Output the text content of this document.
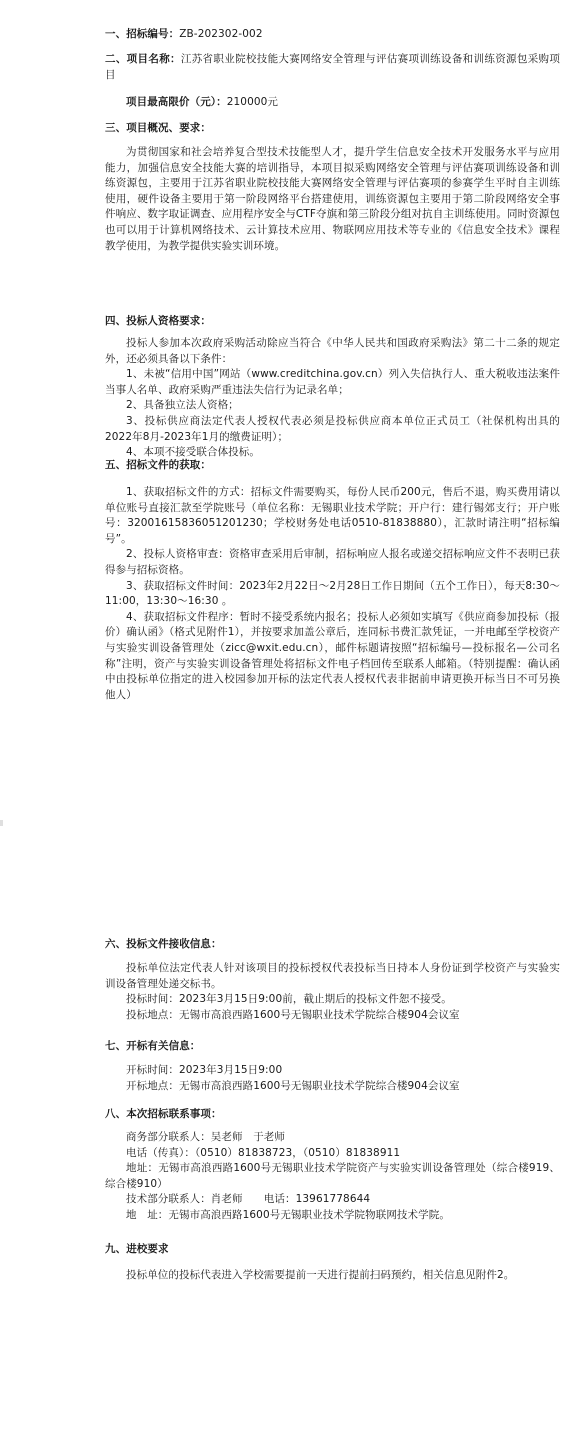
一、招标编号：ZB-202302-002
二、项目名称：江苏省职业院校技能大赛网络安全管理与评估赛项训练设备和训练资源包采购项目
项目最高限价（元）：210000元
三、项目概况、要求：
为贯彻国家和社会培养复合型技术技能型人才，提升学生信息安全技术开发服务水平与应用能力，加强信息安全技能大赛的培训指导，本项目拟采购网络安全管理与评估赛项训练设备和训练资源包，主要用于江苏省职业院校技能大赛网络安全管理与评估赛项的参赛学生平时自主训练使用，硬件设备主要用于第一阶段网络平台搭建使用，训练资源包主要用于第二阶段网络安全事件响应、数字取证调查、应用程序安全与CTF夺旗和第三阶段分组对抗自主训练使用。同时资源包也可以用于计算机网络技术、云计算技术应用、物联网应用技术等专业的《信息安全技术》课程教学使用，为教学提供实验实训环境。
四、投标人资格要求：
投标人参加本次政府采购活动除应当符合《中华人民共和国政府采购法》第二十二条的规定外，还必须具备以下条件：
1、未被“信用中国”网站（www.creditchina.gov.cn）列入失信执行人、重大税收违法案件当事人名单、政府采购严重违法失信行为记录名单；
2、具备独立法人资格；
3、投标供应商法定代表人授权代表必须是投标供应商本单位正式员工（社保机构出具的2022年8月-2023年1月的缴费证明）；
4、本项不接受联合体投标。
五、招标文件的获取：
1、获取招标文件的方式：招标文件需要购买，每份人民币200元，售后不退，购买费用请以单位账号直接汇款至学院账号（单位名称：无锡职业技术学院；开户行：建行锡郊支行；开户账号：32001615836051201230；学校财务处电话0510-81838880），汇款时请注明“招标编号”。
2、投标人资格审查：资格审查采用后审制，招标响应人报名或递交招标响应文件不表明已获得参与招标资格。
3、获取招标文件时间：2023年2月22日～2月28日工作日期间（五个工作日），每天8:30～11:00，13:30～16:30 。
4、获取招标文件程序：暂时不接受系统内报名；投标人必须如实填写《供应商参加投标（报价）确认函》（格式见附件1），并按要求加盖公章后，连同标书费汇款凭证，一并电邮至学校资产与实验实训设备管理处（zicc@wxit.edu.cn），邮件标题请按照“招标编号—投标报名—公司名称”注明，资产与实验实训设备管理处将招标文件电子档回传至联系人邮箱。（特别提醒：确认函中由投标单位指定的进入校园参加开标的法定代表人授权代表非据前申请更换开标当日不可另换他人）
六、投标文件接收信息：
投标单位法定代表人针对该项目的投标授权代表投标当日持本人身份证到学校资产与实验实训设备管理处递交标书。
投标时间：2023年3月15日9:00前，截止期后的投标文件恕不接受。
投标地点：无锡市高浪西路1600号无锡职业技术学院综合楼904会议室
七、开标有关信息：
开标时间：2023年3月15日9:00
开标地点：无锡市高浪西路1600号无锡职业技术学院综合楼904会议室
八、本次招标联系事项：
商务部分联系人：吴老师　于老师
电话（传真）：（0510）81838723，（0510）81838911
地址：无锡市高浪西路1600号无锡职业技术学院资产与实验实训设备管理处（综合楼919、综合楼910）
技术部分联系人：肖老师　　电话：13961778644
地　址：无锡市高浪西路1600号无锡职业技术学院物联网技术学院。
九、进校要求
投标单位的投标代表进入学校需要提前一天进行提前扫码预约，相关信息见附件2。
